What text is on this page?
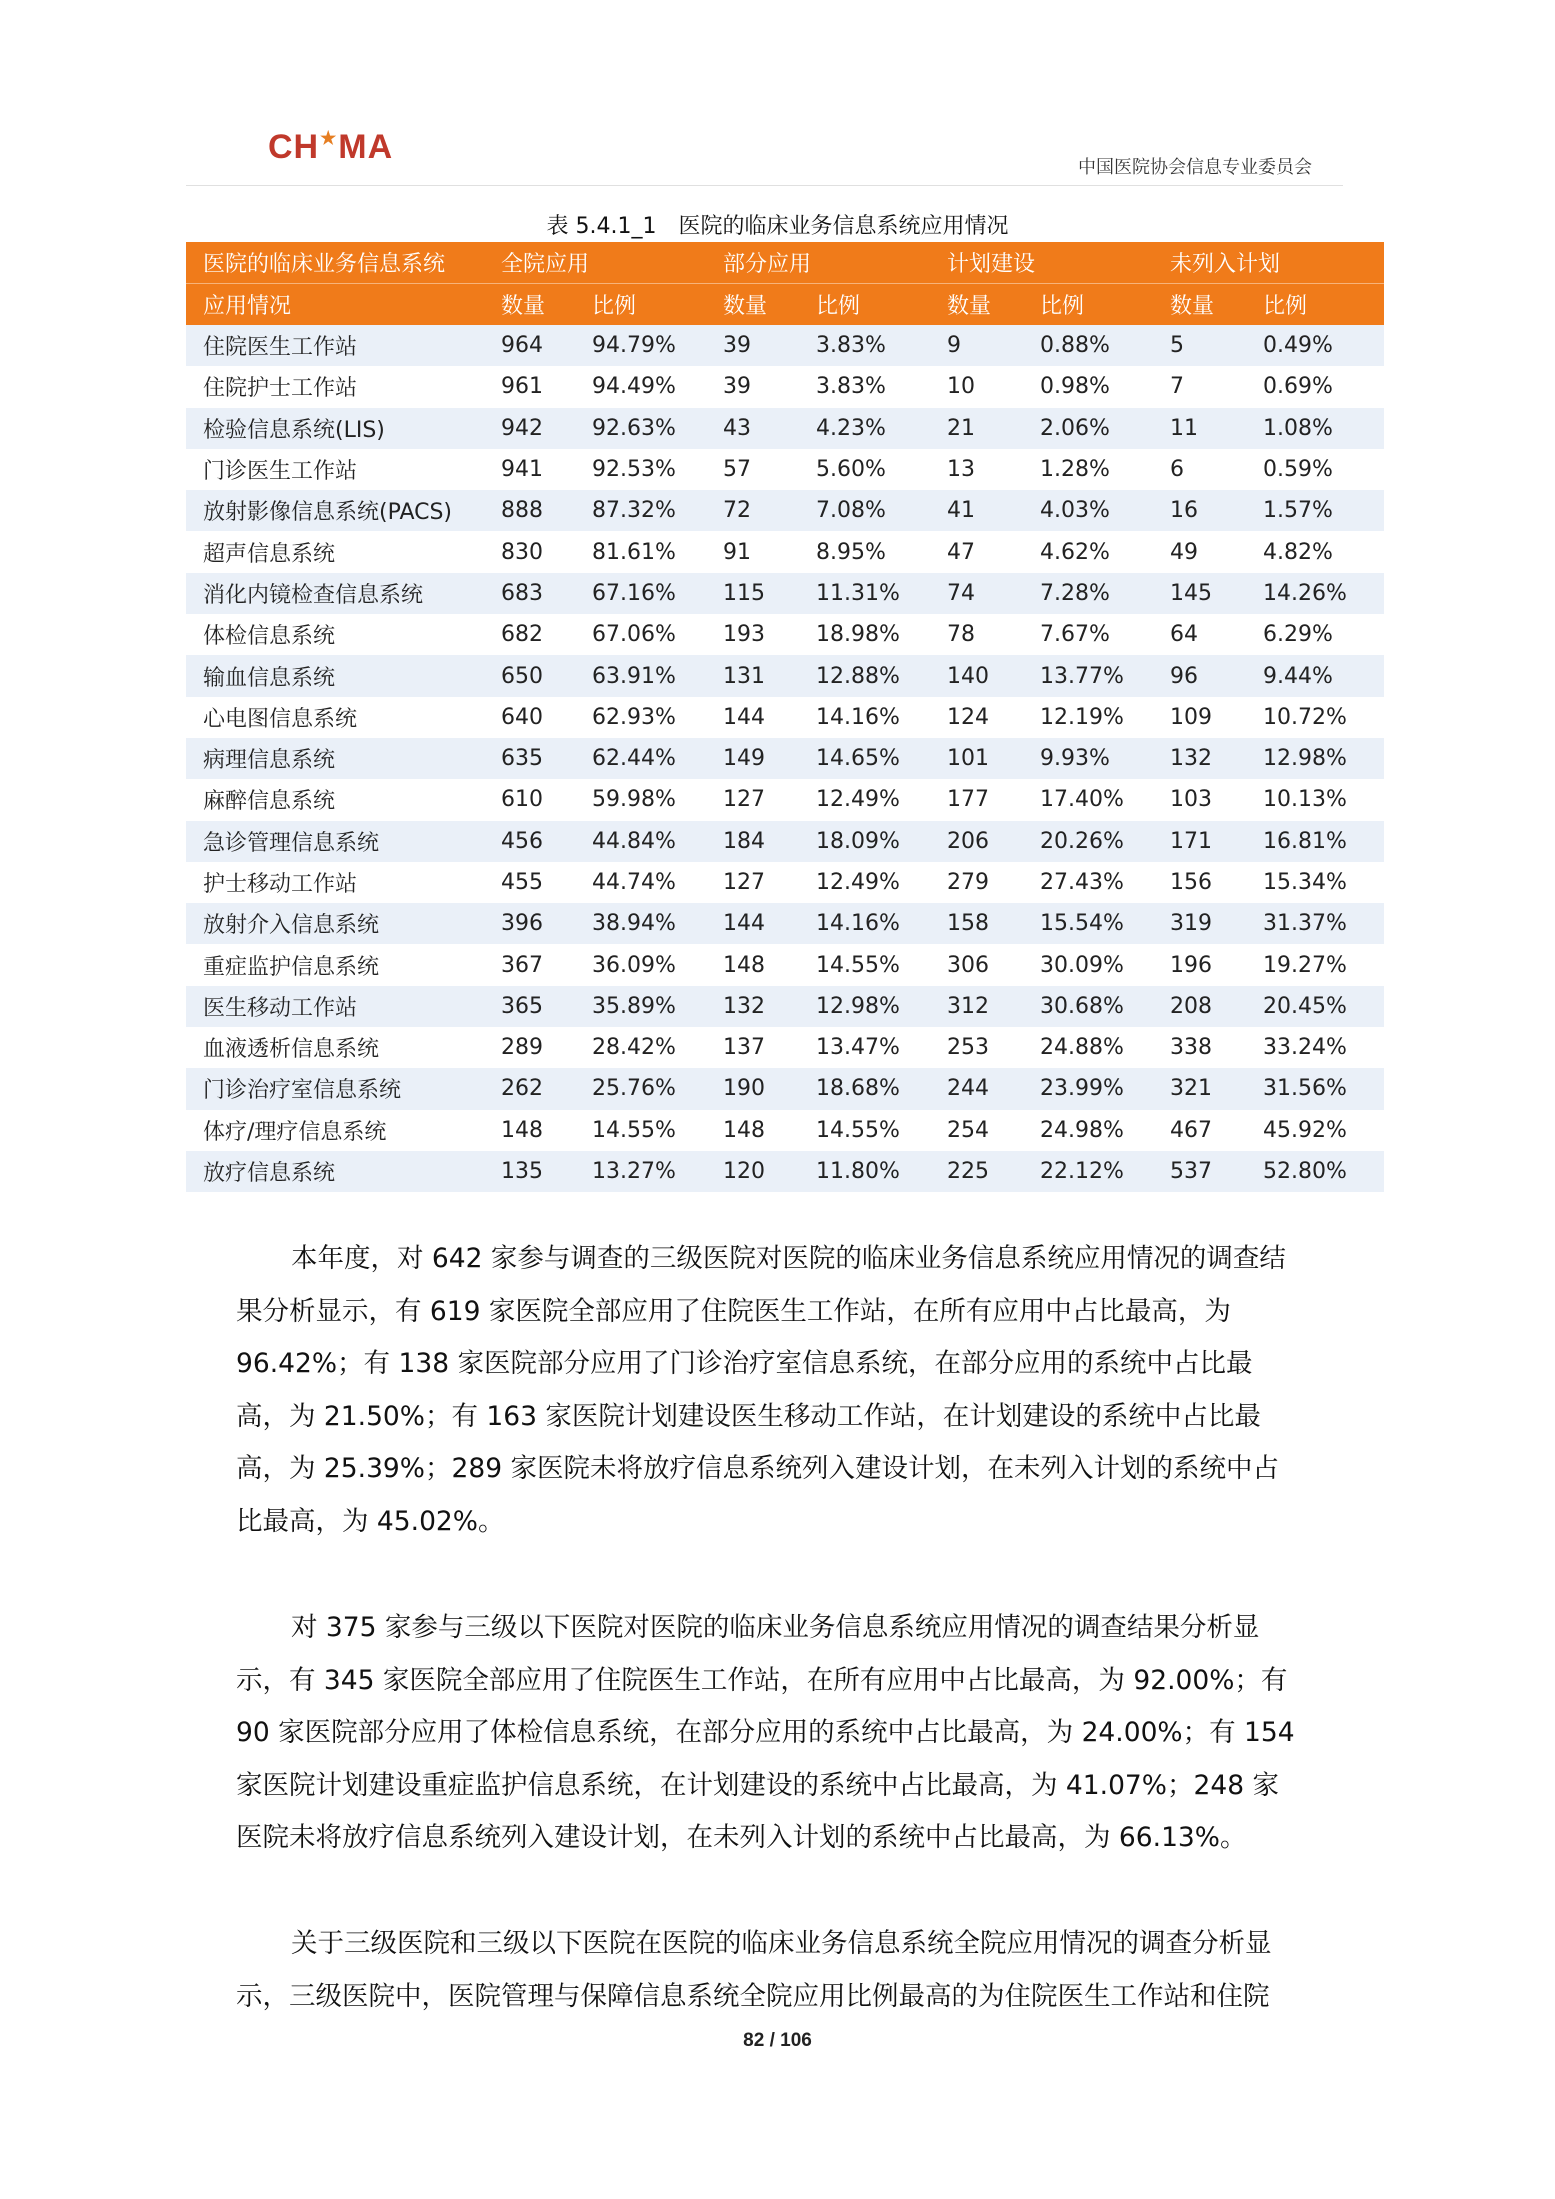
CH★MA
中国医院协会信息专业委员会
表 5.4.1_1　医院的临床业务信息系统应用情况
医院的临床业务信息系统	全院应用		部分应用		计划建设		未列入计划	
应用情况	数量	比例	数量	比例	数量	比例	数量	比例
住院医生工作站	964	94.79%	39	3.83%	9	0.88%	5	0.49%
住院护士工作站	961	94.49%	39	3.83%	10	0.98%	7	0.69%
检验信息系统(LIS)	942	92.63%	43	4.23%	21	2.06%	11	1.08%
门诊医生工作站	941	92.53%	57	5.60%	13	1.28%	6	0.59%
放射影像信息系统(PACS)	888	87.32%	72	7.08%	41	4.03%	16	1.57%
超声信息系统	830	81.61%	91	8.95%	47	4.62%	49	4.82%
消化内镜检查信息系统	683	67.16%	115	11.31%	74	7.28%	145	14.26%
体检信息系统	682	67.06%	193	18.98%	78	7.67%	64	6.29%
输血信息系统	650	63.91%	131	12.88%	140	13.77%	96	9.44%
心电图信息系统	640	62.93%	144	14.16%	124	12.19%	109	10.72%
病理信息系统	635	62.44%	149	14.65%	101	9.93%	132	12.98%
麻醉信息系统	610	59.98%	127	12.49%	177	17.40%	103	10.13%
急诊管理信息系统	456	44.84%	184	18.09%	206	20.26%	171	16.81%
护士移动工作站	455	44.74%	127	12.49%	279	27.43%	156	15.34%
放射介入信息系统	396	38.94%	144	14.16%	158	15.54%	319	31.37%
重症监护信息系统	367	36.09%	148	14.55%	306	30.09%	196	19.27%
医生移动工作站	365	35.89%	132	12.98%	312	30.68%	208	20.45%
血液透析信息系统	289	28.42%	137	13.47%	253	24.88%	338	33.24%
门诊治疗室信息系统	262	25.76%	190	18.68%	244	23.99%	321	31.56%
体疗/理疗信息系统	148	14.55%	148	14.55%	254	24.98%	467	45.92%
放疗信息系统	135	13.27%	120	11.80%	225	22.12%	537	52.80%
本年度，对 642 家参与调查的三级医院对医院的临床业务信息系统应用情况的调查结
果分析显示，有 619 家医院全部应用了住院医生工作站，在所有应用中占比最高，为
96.42%；有 138 家医院部分应用了门诊治疗室信息系统，在部分应用的系统中占比最
高，为 21.50%；有 163 家医院计划建设医生移动工作站，在计划建设的系统中占比最
高，为 25.39%；289 家医院未将放疗信息系统列入建设计划，在未列入计划的系统中占
比最高，为 45.02%。
对 375 家参与三级以下医院对医院的临床业务信息系统应用情况的调查结果分析显
示，有 345 家医院全部应用了住院医生工作站，在所有应用中占比最高，为 92.00%；有
90 家医院部分应用了体检信息系统，在部分应用的系统中占比最高，为 24.00%；有 154
家医院计划建设重症监护信息系统，在计划建设的系统中占比最高，为 41.07%；248 家
医院未将放疗信息系统列入建设计划，在未列入计划的系统中占比最高，为 66.13%。
关于三级医院和三级以下医院在医院的临床业务信息系统全院应用情况的调查分析显
示，三级医院中，医院管理与保障信息系统全院应用比例最高的为住院医生工作站和住院
82 / 106
